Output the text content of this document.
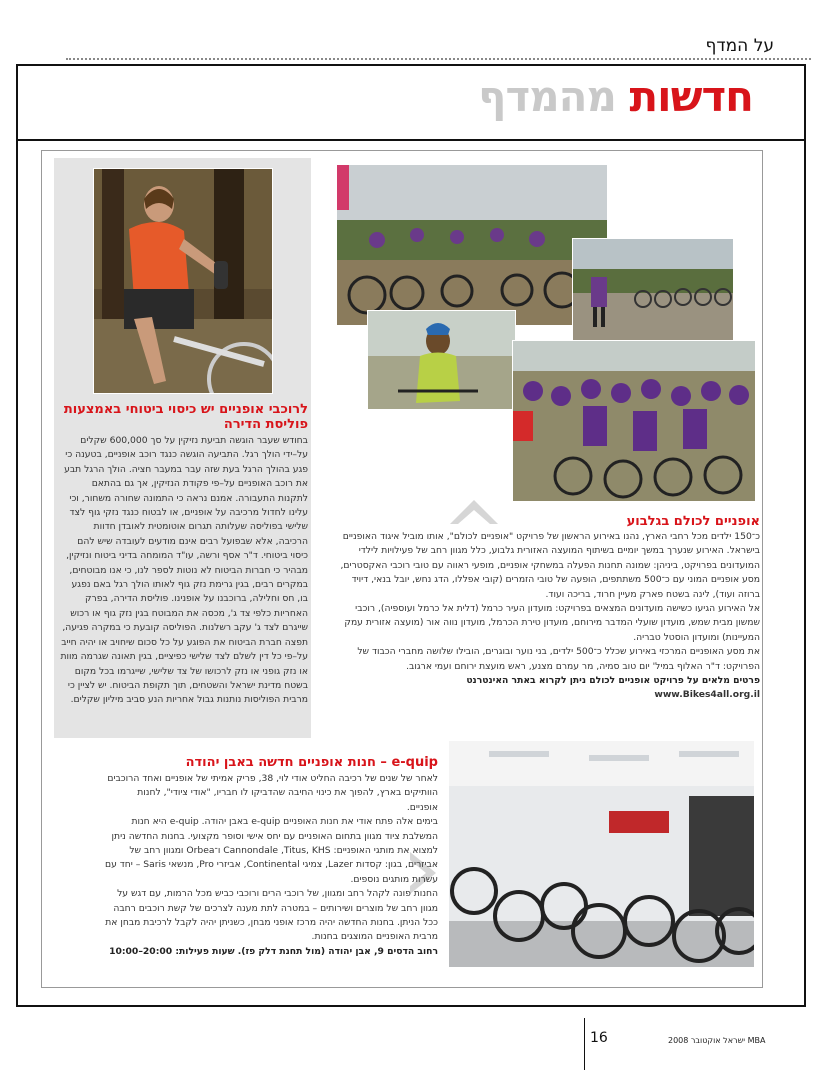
על המדף
חדשות מהמדף
לרוכבי אופניים יש כיסוי ביטוחי באמצעות פוליסת הדירה
בחודש שעבר הוגשה תביעת נזיקין על סך 600,000 שקלים על–ידי הולך רגל. התביעה הוגשה כנגד רוכב אופניים, בטענה כי פגע בהולך הרגל בעת שזה עבר במעבר חציה. הולך הרגל תבע את רוכב האופניים על–פי פקודת הנזיקין, אך גם בהתאם לתקנות התעבורה. אמנם נראה כי התמונה שחורה משחור, וכי עלינו לחדול מרכיבה על אופניים, או לבטוח כנגד נזקי גוף לצד שלישי בפוליסה שעלותה תגרום אוטומטית לאובדן חדוות הרכיבה, אלא שבפועל רבים אינם מודעים לעובדה שיש להם כיסוי ביטוחי. ד"ר אסף ורשה, עו"ד המומחה בדיני ביטוח ונזיקין, מבהיר כי חברות הביטוח לא נוטות לספר לנו, כי אנו מבוטחים, במקרים רבים, בגין גרימת נזק גוף לאותו הולך רגל באם נפגע בו, חס וחלילה, ברוכבנו על אופנינו. פוליסת הדירה, בפרק האחריות כלפי צד ג', מכסה את המבוטח בגין נזק גוף או רכוש שייגרם לצד ג' עקב רשלנות. הפוליסה קובעת כי במקרה פגיעה, תפצה חברת הביטוח את הפוגע על כל סכום שיחויב או יהיה חייב על–פי כל דין לשלם לצד שלישי כפיציים, בגין תאונה שגרמה מוות או נזק גופני או נזק לרכושו של צד שלישי, שייגרמו בכל מקום בשטח מדינת ישראל והשטחים, תוך תקופת הביטוח. יש לציין כי מרבית הפוליסות נותנות גבול אחריות הנע סביב מיליון שקלים.
אופניים לכולם בגלבוע
כ־150 ילדים מכל רחבי הארץ, נהנו באירוע הראשון של פרויקט "אופניים לכולם", אותו מוביל איגוד האופניים בישראל. האירוע שנערך במשך יומיים בשיתוף המועצה האזורית גלבוע, כלל מגוון רחב של פעילויות לילדי המועדונים בפרויקט, ביניהן: שמונה תחנות הפעלה במשחקי אופניים, מופעי ראווה עם טובי רוכבי האקסטרים, מסע אופניים המוני עם כ־500 משתתפים, הופעה של טובי הזמרים (קובי אפללו, הדג נחש, יובל בנאי, דיויד ברוזה ועוד), לינה בשטח פארק מעיין חרוד, בריכה ועוד.
אל האירוע הגיעו כשישה מועדונים המצאים בפרויקט: מועדון העיר כרמל (דלית אל כרמל ועוספיה), רוכבי שמשון מבית שמש, מועדון שועלי המדבר מירוחם, מועדון טירת הכרמל, מועדון נווה אור (מועצה אזורית עמק המעיינות) ומועדון הוסטל טבריה.
את מסע האופניים המרכזי באירוע שכלל כ־500 ילדים, בני נוער ובוגרים, הובילו שלושה מחברי הכבוד של הפרויקט: ד"ר האלוף במיל' יום טוב סמיה, מר עמרם מצנע, ראש מועצת ירוחם ועמי ארגוב.
פרטים מלאים על פרויקט אופניים לכולם ניתן לקרוא באתר האינטרנט
www.Bikes4all.org.il
e-quip – חנות אופניים חדשה באבן יהודה
לאחר של שנים של רכיבה החליט אודי לוי, 38, פריק אמיתי של אופניים ואחד הרוכבים הוותיקים בארץ, להפוך את כינוי החיבה שהדביקו לו חבריו, "אודי ציודי", לחנות אופניים.
בימים אלה פתח אודי את חנות האופניים e-quip באבן יהודה. e-quip היא חנות המשלבת ציוד מגוון בתחום האופניים עם יחס אישי וסופר מקצועי. בחנות החדשה ניתן למצוא את מותגי האופניים: Cannondale ,Titus, KHS ו־Orbea ומגוון רחב של אביזרים, בגון: קסדות Lazer, צמיגי Continental, אביזרי Pro, מנשאי Saris – יחד עם עשרות מותגים נוספים.
החנות פונה לקהל רחב ומגוון, של רוכבי הרים ורוכבי כביש מכל הרמות, עם דגש על מגוון רחב של מוצרים ושירותים – במטרה לתת מענה לצרכים של קשת רוכבים רחבה ככל הניתן. בחנות החדשה יהיה מרכז אופני מבחן, כשניתן יהיה לקבל לרכיבת מבחן את מרבית האופניים המוצגים בחנות.
רחוב הדסים 9, אבן יהודה (מול תחנת דלק פז). שעות פעילות: 20:00–10:00
16	MBA ישראל אוקטובר 2008
